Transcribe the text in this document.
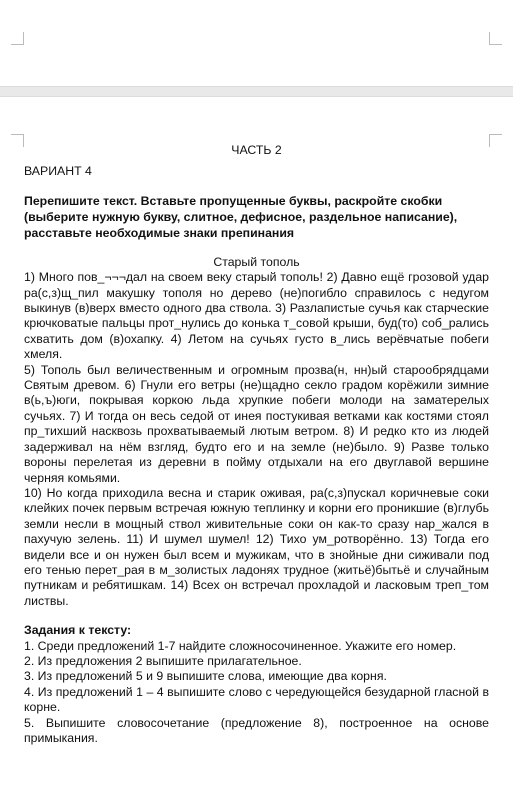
ЧАСТЬ 2

ВАРИАНТ 4

Перепишите текст. Вставьте пропущенные буквы, раскройте скобки (выберите нужную букву, слитное, дефисное, раздельное написание), расставьте необходимые знаки препинания

Старый тополь

1) Много пов_¬¬¬дал на своем веку старый тополь! 2) Давно ещё грозовой удар ра(с,з)щ_пил макушку тополя но дерево (не)погибло справилось с недугом выкинув (в)верх вместо одного два ствола. 3) Разлапистые сучья как старческие крючковатые пальцы прот_нулись до конька т_совой крыши, буд(то) соб_рались схватить дом (в)охапку. 4) Летом на сучьях густо в_лись верёвчатые побеги хмеля.

5) Тополь был величественным и огромным прозва(н, нн)ый старообрядцами Святым древом. 6) Гнули его ветры (не)щадно секло градом корёжили зимние в(ь,ъ)юги, покрывая коркою льда хрупкие побеги молоди на заматерелых сучьях. 7) И тогда он весь седой от инея постукивая ветками как костями стоял пр_тихший насквозь прохватываемый лютым ветром. 8) И редко кто из людей задерживал на нём взгляд, будто его и на земле (не)было. 9) Разве только вороны перелетая из деревни в пойму отдыхали на его двуглавой вершине черняя комьями.

10) Но когда приходила весна и старик оживая, ра(с,з)пускал коричневые соки клейких почек первым встречая южную теплинку и корни его проникшие (в)глубь земли несли в мощный ствол живительные соки он как-то сразу нар_жался в пахучую зелень. 11) И шумел шумел! 12) Тихо ум_ротворённо. 13) Тогда его видели все и он нужен был всем и мужикам, что в знойные дни сиживали под его тенью перет_рая в м_золистых ладонях трудное (житьё)бытьё и случайным путникам и ребятишкам. 14) Всех он встречал прохладой и ласковым треп_том листвы.

Задания к тексту:

1. Среди предложений 1-7 найдите сложносочиненное. Укажите его номер.

2. Из предложения 2 выпишите прилагательное.

3. Из предложений 5 и 9 выпишите слова, имеющие два корня.

4. Из предложений 1 – 4 выпишите слово с чередующейся безударной гласной в корне.

5. Выпишите словосочетание (предложение 8), построенное на основе примыкания.
